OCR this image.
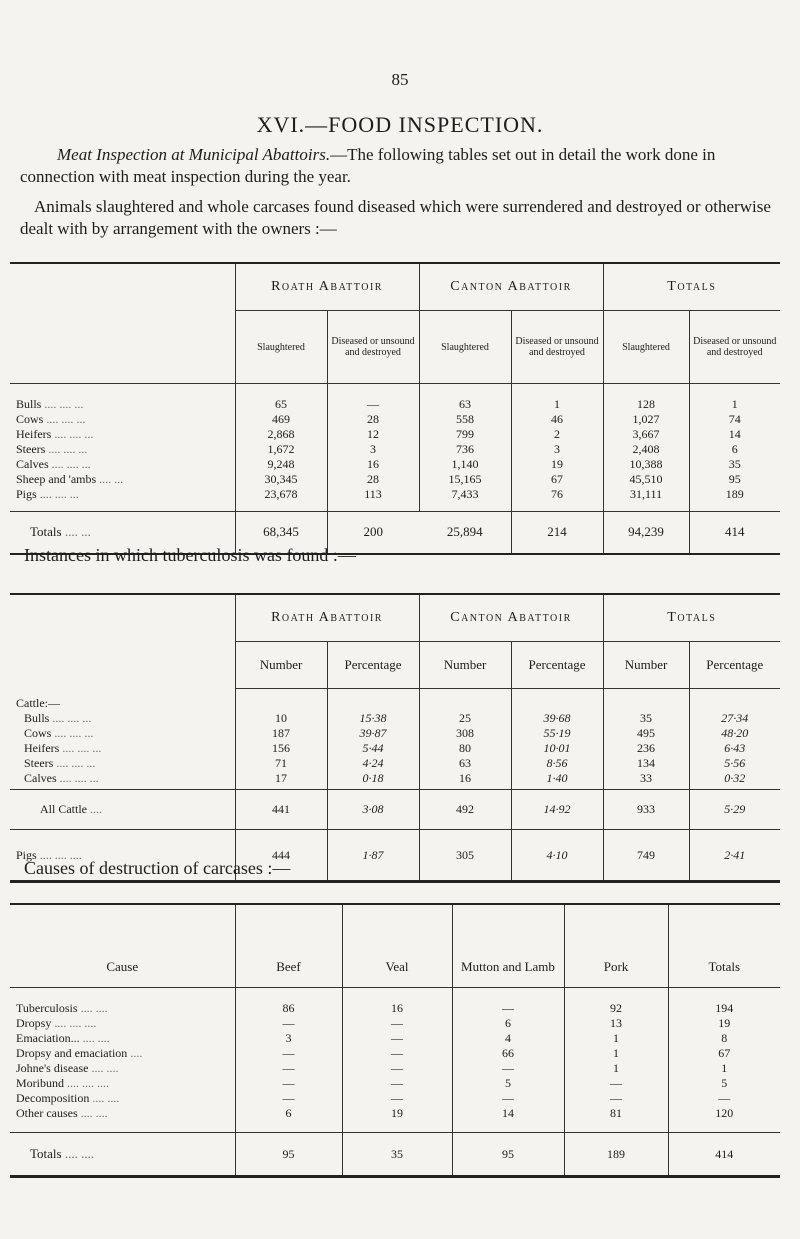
85
XVI.—FOOD INSPECTION.
Meat Inspection at Municipal Abattoirs.—The following tables set out in detail the work done in connection with meat inspection during the year.
Animals slaughtered and whole carcases found diseased which were surrendered and destroyed or otherwise dealt with by arrangement with the owners :—
	Roath Abattoir		Canton Abattoir		Totals	
	Slaughtered	Diseased or unsound and destroyed	Slaughtered	Diseased or unsound and destroyed	Slaughtered	Diseased or unsound and destroyed
Bulls .... .... ...	65	—	63	1	128	1
Cows .... .... ...	469	28	558	46	1,027	74
Heifers .... .... ...	2,868	12	799	2	3,667	14
Steers .... .... ...	1,672	3	736	3	2,408	6
Calves .... .... ...	9,248	16	1,140	19	10,388	35
Sheep and 'ambs .... ...	30,345	28	15,165	67	45,510	95
Pigs .... .... ...	23,678	113	7,433	76	31,111	189

Totals .... ...	68,345	200	25,894	214	94,239	414
Instances in which tuberculosis was found :—
	Roath Abattoir		Canton Abattoir		Totals	
	Number	Percentage	Number	Percentage	Number	Percentage
Cattle:—						
Bulls .... .... ...	10	15·38	25	39·68	35	27·34
Cows .... .... ...	187	39·87	308	55·19	495	48·20
Heifers .... .... ...	156	5·44	80	10·01	236	6·43
Steers .... .... ...	71	4·24	63	8·56	134	5·56
Calves .... .... ...	17	0·18	16	1·40	33	0·32

All Cattle ....	441	3·08	492	14·92	933	5·29
Pigs .... .... ....	444	1·87	305	4·10	749	2·41
Causes of destruction of carcases :—
Cause	Beef	Veal	Mutton and Lamb	Pork	Totals
Tuberculosis .... ....	86	16	—	92	194
Dropsy .... .... ....	—	—	6	13	19
Emaciation... .... ....	3	—	4	1	8
Dropsy and emaciation ....	—	—	66	1	67
Johne's disease .... ....	—	—	—	1	1
Moribund .... .... ....	—	—	5	—	5
Decomposition .... ....	—	—	—	—	—
Other causes .... ....	6	19	14	81	120

Totals .... ....	95	35	95	189	414
